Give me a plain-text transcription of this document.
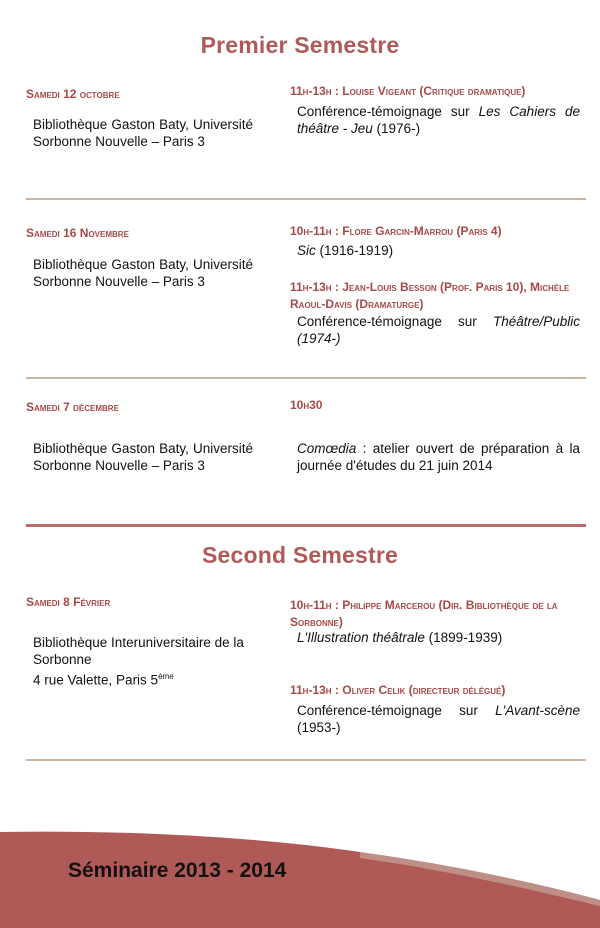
Premier Semestre
Samedi 12 octobre
Bibliothèque Gaston Baty, Université Sorbonne Nouvelle – Paris 3
11h-13h : Louise Vigeant (Critique dramatique)
Conférence-témoignage sur Les Cahiers de théâtre - Jeu (1976-)
Samedi 16 Novembre
Bibliothèque Gaston Baty, Université Sorbonne Nouvelle – Paris 3
10h-11h : Flore Garcin-Marrou (Paris 4)
Sic (1916-1919)
11h-13h : Jean-Louis Besson (Prof. Paris 10), Michèle Raoul-Davis (Dramaturge)
Conférence-témoignage sur Théâtre/Public (1974-)
Samedi 7 décembre
Bibliothèque Gaston Baty, Université Sorbonne Nouvelle – Paris 3
10h30
Comœdia : atelier ouvert de préparation à la journée d'études du 21 juin 2014
Second Semestre
Samedi 8 Février
Bibliothèque Interuniversitaire de la Sorbonne
4 rue Valette, Paris 5ème
10h-11h : Philippe Marcerou (Dir. Bibliothèque de la Sorbonne)
L'Illustration théâtrale (1899-1939)
11h-13h : Oliver Celik (directeur délégué)
Conférence-témoignage sur L'Avant-scène (1953-)
Séminaire 2013 - 2014
